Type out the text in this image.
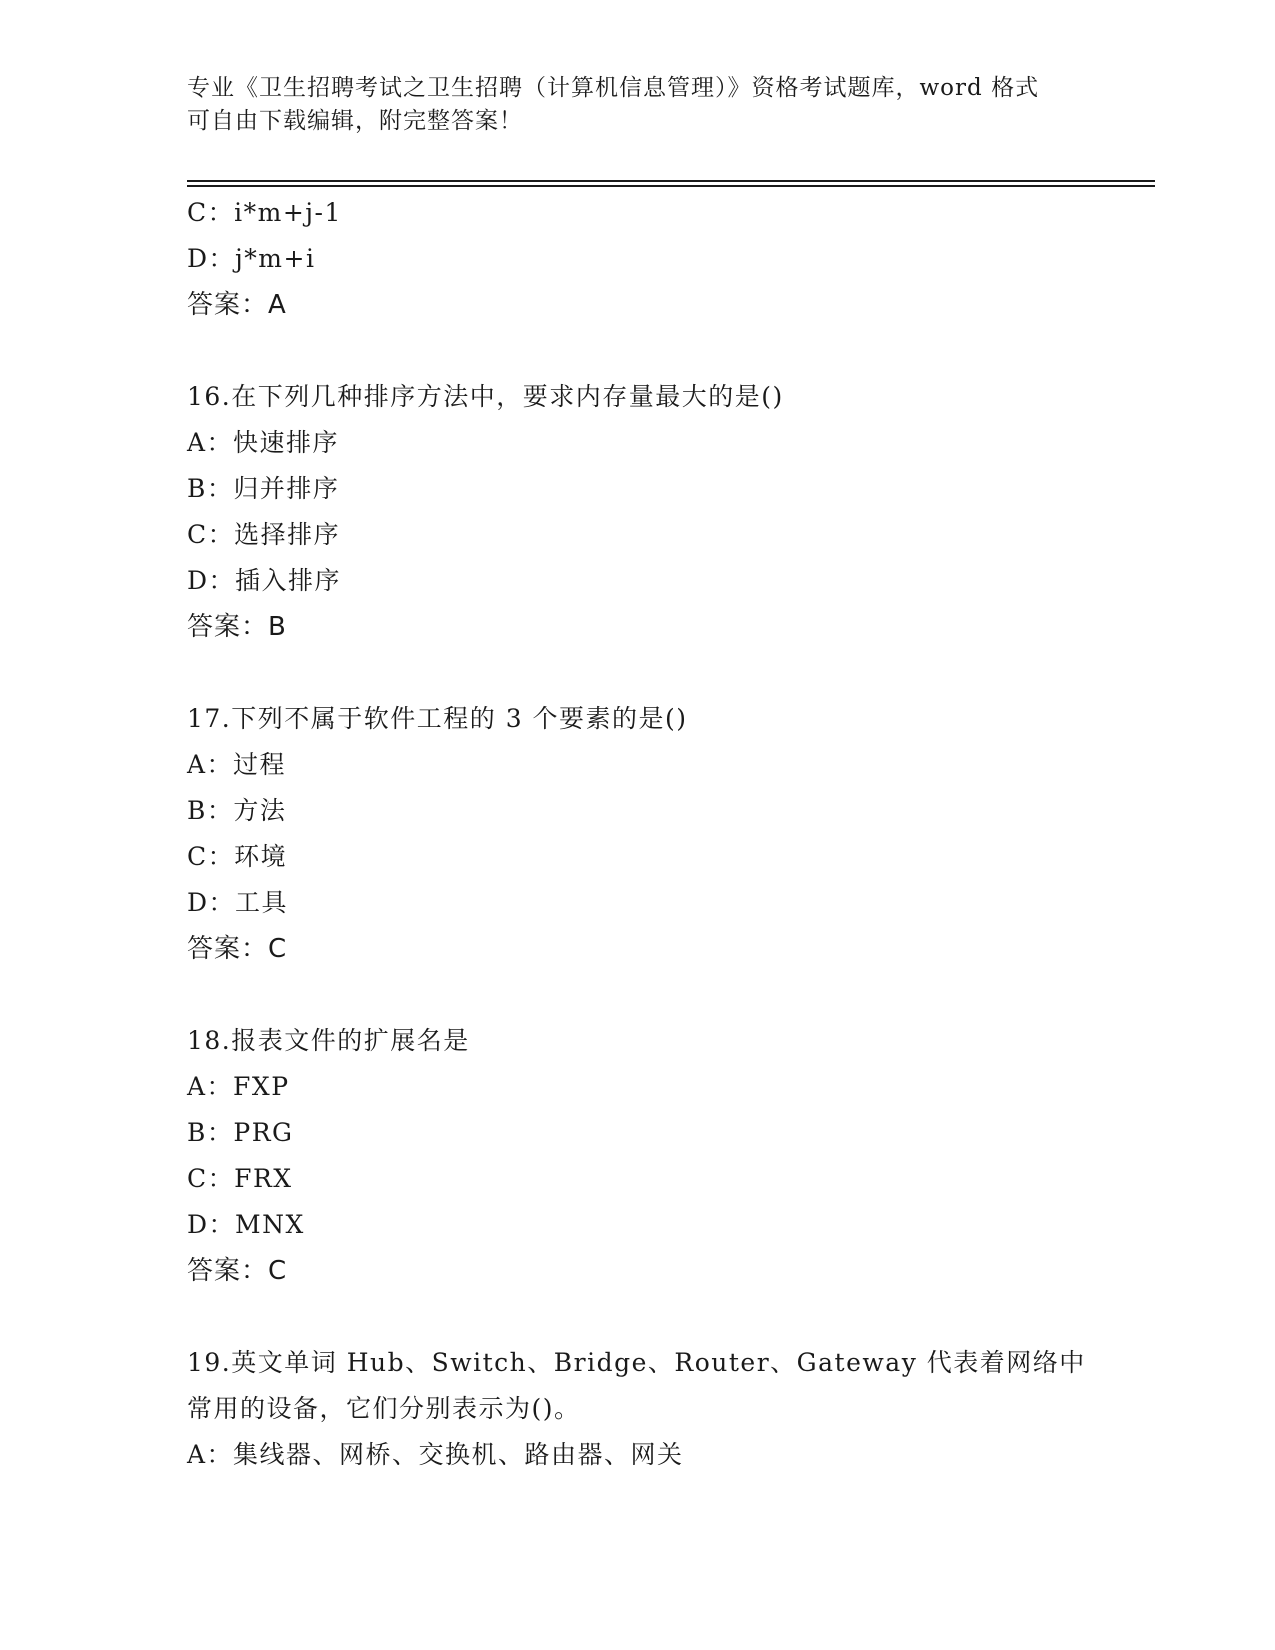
专业《卫生招聘考试之卫生招聘（计算机信息管理）》资格考试题库，word 格式
可自由下载编辑，附完整答案！
C：i*m+j-1
D：j*m+i
答案：A
16.在下列几种排序方法中，要求内存量最大的是()
A：快速排序
B：归并排序
C：选择排序
D：插入排序
答案：B
17.下列不属于软件工程的 3 个要素的是()
A：过程
B：方法
C：环境
D：工具
答案：C
18.报表文件的扩展名是
A：FXP
B：PRG
C：FRX
D：MNX
答案：C
19.英文单词 Hub、Switch、Bridge、Router、Gateway 代表着网络中
常用的设备，它们分别表示为()。
A：集线器、网桥、交换机、路由器、网关
